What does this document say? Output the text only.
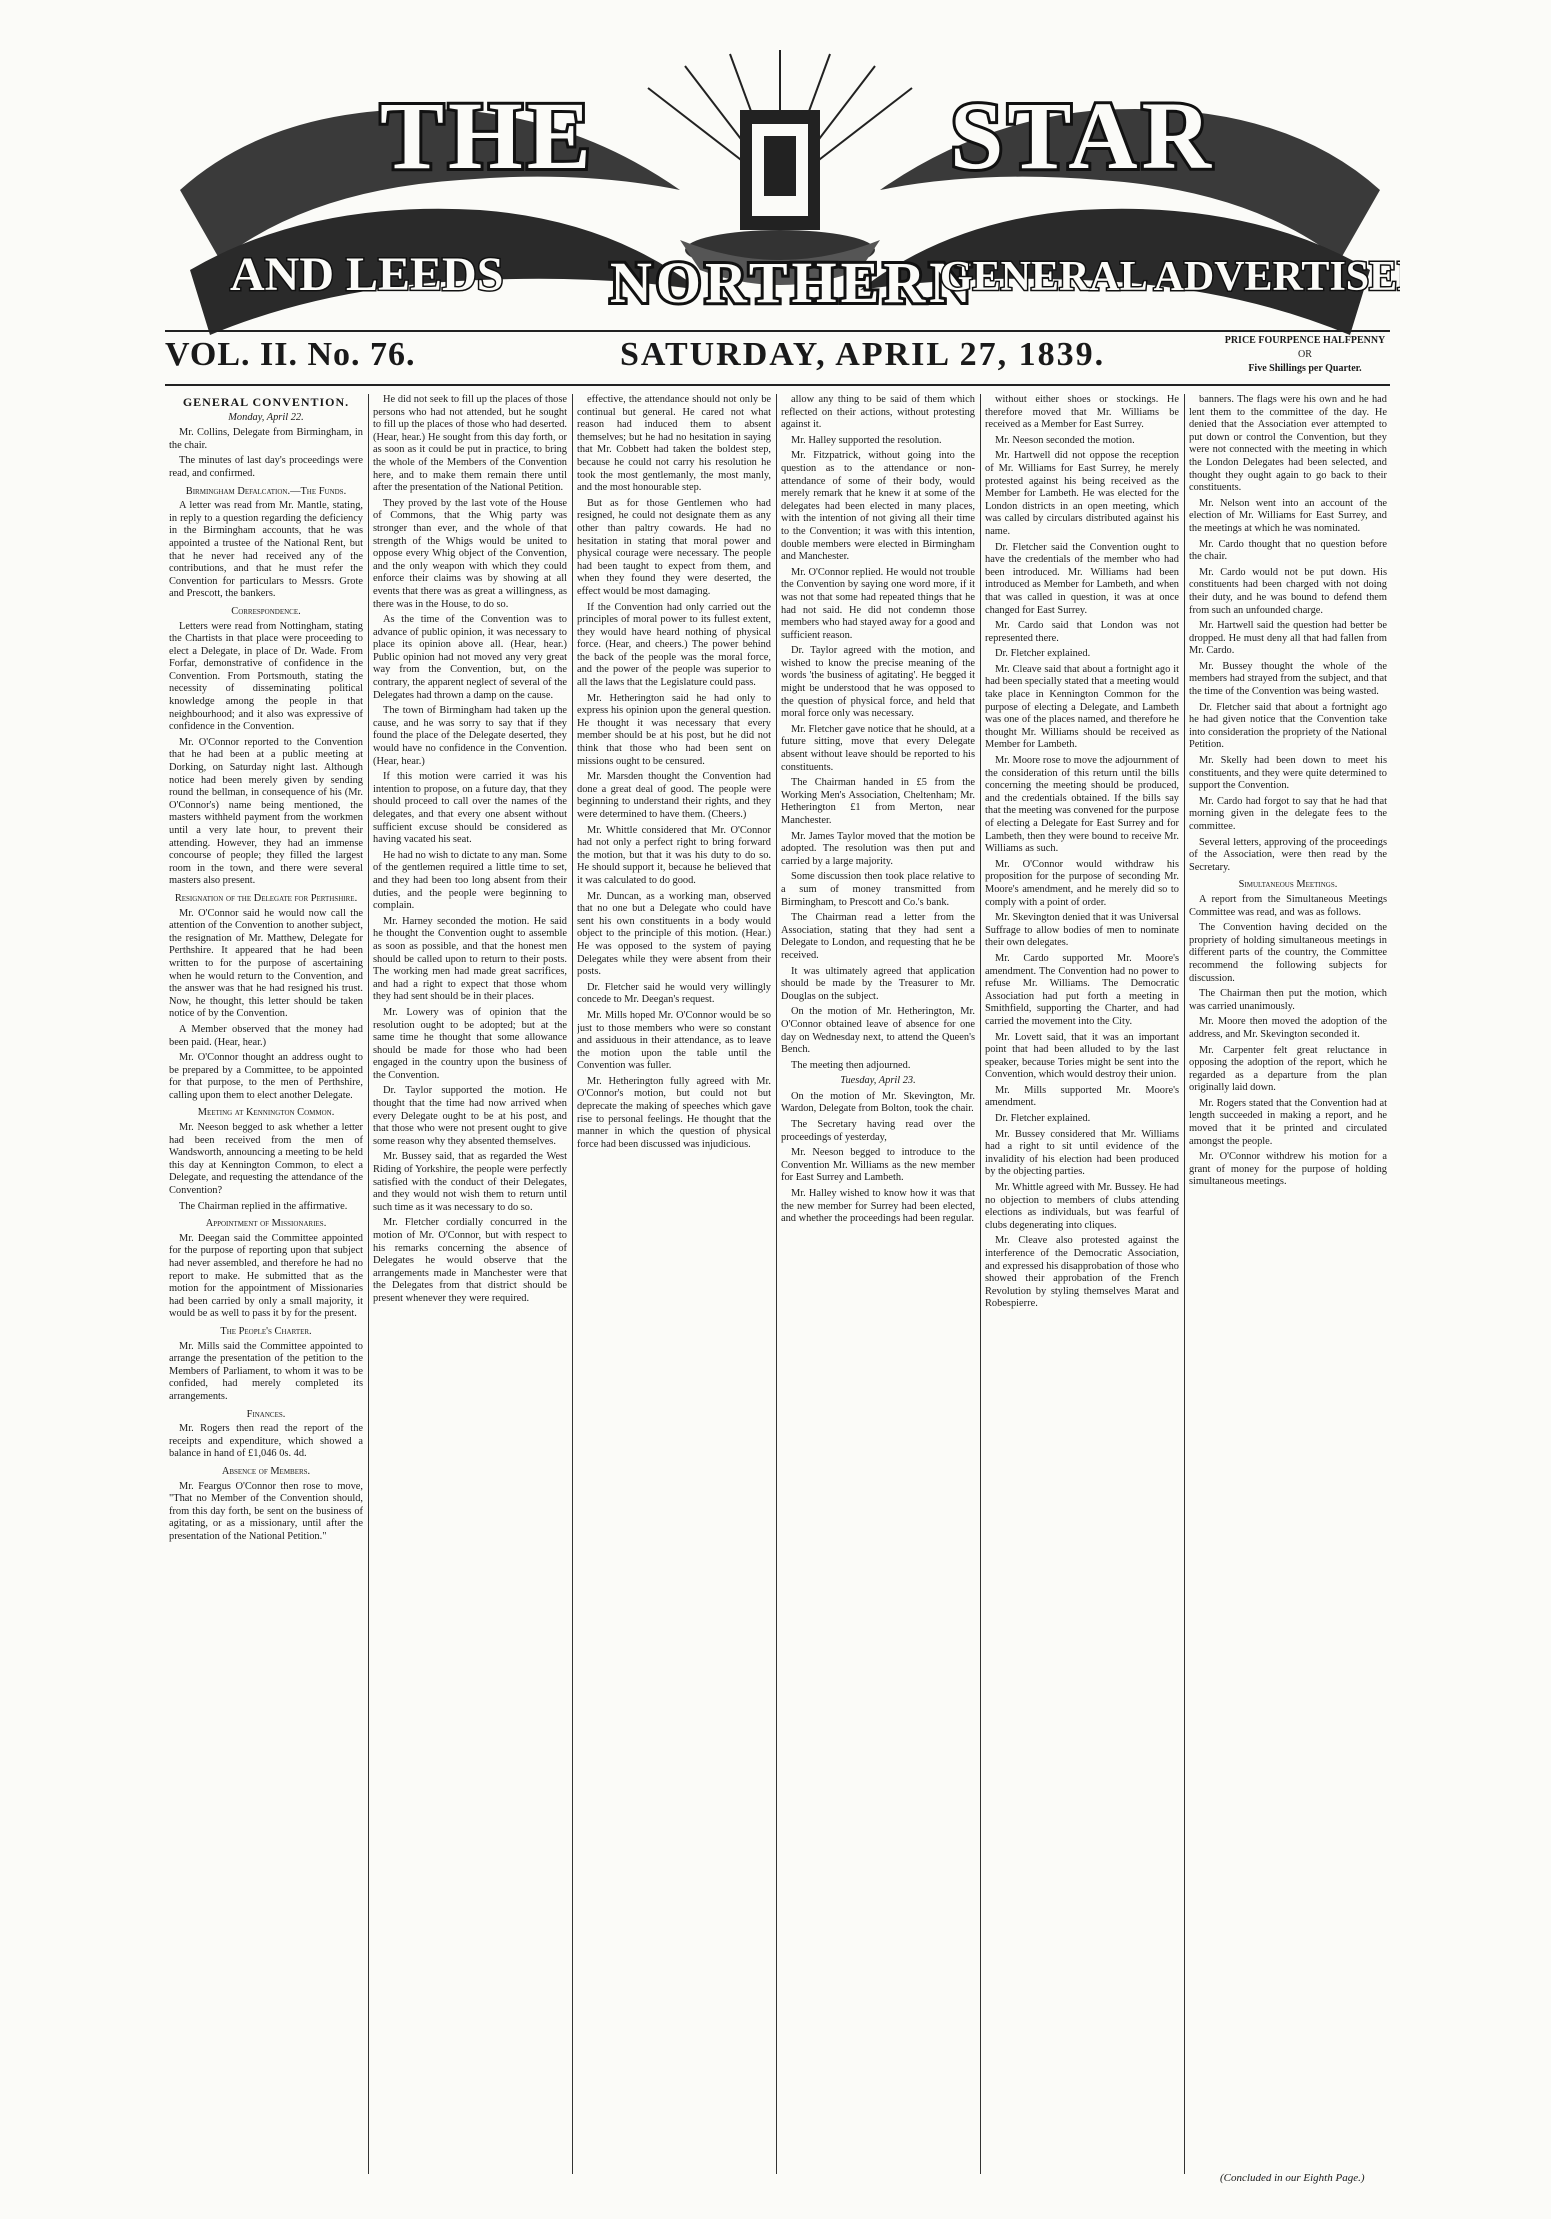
THE	STAR
AND LEEDS NORTHERN
GENERAL ADVERTISER
VOL. II. No. 76.	SATURDAY, APRIL 27, 1839.	PRICE FOURPENCE HALFPENNY
OR
Five Shillings per Quarter.
GENERAL CONVENTION.
Monday, April 22.

Mr. Collins, Delegate from Birmingham, in the chair.

The minutes of last day's proceedings were read, and confirmed.

Birmingham Defalcation.—The Funds.

A letter was read from Mr. Mantle, stating, in reply to a question regarding the deficiency in the Birmingham accounts, that he was appointed a trustee of the National Rent, but that he never had received any of the contributions, and that he must refer the Convention for particulars to Messrs. Grote and Prescott, the bankers.

Correspondence.

Letters were read from Nottingham, stating the Chartists in that place were proceeding to elect a Delegate, in place of Dr. Wade. From Forfar, demonstrative of confidence in the Convention. From Portsmouth, stating the necessity of disseminating political knowledge among the people in that neighbourhood; and it also was expressive of confidence in the Convention.

Mr. O'Connor reported to the Convention that he had been at a public meeting at Dorking, on Saturday night last. Although notice had been merely given by sending round the bellman, in consequence of his (Mr. O'Connor's) name being mentioned, the masters withheld payment from the workmen until a very late hour, to prevent their attending. However, they had an immense concourse of people; they filled the largest room in the town, and there were several masters also present.

Resignation of the Delegate for Perthshire.

Mr. O'Connor said he would now call the attention of the Convention to another subject, the resignation of Mr. Matthew, Delegate for Perthshire. It appeared that he had been written to for the purpose of ascertaining when he would return to the Convention, and the answer was that he had resigned his trust. Now, he thought, this letter should be taken notice of by the Convention.

A Member observed that the money had been paid. (Hear, hear.)

Mr. O'Connor thought an address ought to be prepared by a Committee, to be appointed for that purpose, to the men of Perthshire, calling upon them to elect another Delegate.

Meeting at Kennington Common.

Mr. Neeson begged to ask whether a letter had been received from the men of Wandsworth, announcing a meeting to be held this day at Kennington Common, to elect a Delegate, and requesting the attendance of the Convention?

The Chairman replied in the affirmative.

Appointment of Missionaries.

Mr. Deegan said the Committee appointed for the purpose of reporting upon that subject had never assembled, and therefore he had no report to make. He submitted that as the motion for the appointment of Missionaries had been carried by only a small majority, it would be as well to pass it by for the present.

The People's Charter.

Mr. Mills said the Committee appointed to arrange the presentation of the petition to the Members of Parliament, to whom it was to be confided, had merely completed its arrangements.

Finances.

Mr. Rogers then read the report of the receipts and expenditure, which showed a balance in hand of £1,046 0s. 4d.

Absence of Members.

Mr. Feargus O'Connor then rose to move, "That no Member of the Convention should, from this day forth, be sent on the business of agitating, or as a missionary, until after the presentation of the National Petition."

He did not seek to fill up the places of those persons who had not attended, but he sought to fill up the places of those who had deserted. (Hear, hear.) He sought from this day forth, or as soon as it could be put in practice, to bring the whole of the Members of the Convention here, and to make them remain there until after the presentation of the National Petition.

They proved by the last vote of the House of Commons, that the Whig party was stronger than ever, and the whole of that strength of the Whigs would be united to oppose every Whig object of the Convention, and the only weapon with which they could enforce their claims was by showing at all events that there was as great a willingness, as there was in the House, to do so.

As the time of the Convention was to advance of public opinion, it was necessary to place its opinion above all. (Hear, hear.) Public opinion had not moved any very great way from the Convention, but, on the contrary, the apparent neglect of several of the Delegates had thrown a damp on the cause.

The town of Birmingham had taken up the cause, and he was sorry to say that if they found the place of the Delegate deserted, they would have no confidence in the Convention. (Hear, hear.)

If this motion were carried it was his intention to propose, on a future day, that they should proceed to call over the names of the delegates, and that every one absent without sufficient excuse should be considered as having vacated his seat.

He had no wish to dictate to any man. Some of the gentlemen required a little time to set, and they had been too long absent from their duties, and the people were beginning to complain.

Mr. Harney seconded the motion. He said he thought the Convention ought to assemble as soon as possible, and that the honest men should be called upon to return to their posts. The working men had made great sacrifices, and had a right to expect that those whom they had sent should be in their places.

Mr. Lowery was of opinion that the resolution ought to be adopted; but at the same time he thought that some allowance should be made for those who had been engaged in the country upon the business of the Convention.

Dr. Taylor supported the motion. He thought that the time had now arrived when every Delegate ought to be at his post, and that those who were not present ought to give some reason why they absented themselves.

Mr. Bussey said, that as regarded the West Riding of Yorkshire, the people were perfectly satisfied with the conduct of their Delegates, and they would not wish them to return until such time as it was necessary to do so.

Mr. Fletcher cordially concurred in the motion of Mr. O'Connor, but with respect to his remarks concerning the absence of Delegates he would observe that the arrangements made in Manchester were that the Delegates from that district should be present whenever they were required.

effective, the attendance should not only be continual but general. He cared not what reason had induced them to absent themselves; but he had no hesitation in saying that Mr. Cobbett had taken the boldest step, because he could not carry his resolution he took the most gentlemanly, the most manly, and the most honourable step.

But as for those Gentlemen who had resigned, he could not designate them as any other than paltry cowards. He had no hesitation in stating that moral power and physical courage were necessary. The people had been taught to expect from them, and when they found they were deserted, the effect would be most damaging.

If the Convention had only carried out the principles of moral power to its fullest extent, they would have heard nothing of physical force. (Hear, and cheers.) The power behind the back of the people was the moral force, and the power of the people was superior to all the laws that the Legislature could pass.

Mr. Hetherington said he had only to express his opinion upon the general question. He thought it was necessary that every member should be at his post, but he did not think that those who had been sent on missions ought to be censured.

Mr. Marsden thought the Convention had done a great deal of good. The people were beginning to understand their rights, and they were determined to have them. (Cheers.)

Mr. Whittle considered that Mr. O'Connor had not only a perfect right to bring forward the motion, but that it was his duty to do so. He should support it, because he believed that it was calculated to do good.

Mr. Duncan, as a working man, observed that no one but a Delegate who could have sent his own constituents in a body would object to the principle of this motion. (Hear.) He was opposed to the system of paying Delegates while they were absent from their posts.

Dr. Fletcher said he would very willingly concede to Mr. Deegan's request.

Mr. Mills hoped Mr. O'Connor would be so just to those members who were so constant and assiduous in their attendance, as to leave the motion upon the table until the Convention was fuller.

Mr. Hetherington fully agreed with Mr. O'Connor's motion, but could not but deprecate the making of speeches which gave rise to personal feelings. He thought that the manner in which the question of physical force had been discussed was injudicious.

allow any thing to be said of them which reflected on their actions, without protesting against it.

Mr. Halley supported the resolution.

Mr. Fitzpatrick, without going into the question as to the attendance or non-attendance of some of their body, would merely remark that he knew it at some of the delegates had been elected in many places, with the intention of not giving all their time to the Convention; it was with this intention, double members were elected in Birmingham and Manchester.

Mr. O'Connor replied. He would not trouble the Convention by saying one word more, if it was not that some had repeated things that he had not said. He did not condemn those members who had stayed away for a good and sufficient reason.

Dr. Taylor agreed with the motion, and wished to know the precise meaning of the words 'the business of agitating'. He begged it might be understood that he was opposed to the question of physical force, and held that moral force only was necessary.

Mr. Fletcher gave notice that he should, at a future sitting, move that every Delegate absent without leave should be reported to his constituents.

The Chairman handed in £5 from the Working Men's Association, Cheltenham; Mr. Hetherington £1 from Merton, near Manchester.

Mr. James Taylor moved that the motion be adopted. The resolution was then put and carried by a large majority.

Some discussion then took place relative to a sum of money transmitted from Birmingham, to Prescott and Co.'s bank.

The Chairman read a letter from the Association, stating that they had sent a Delegate to London, and requesting that he be received.

It was ultimately agreed that application should be made by the Treasurer to Mr. Douglas on the subject.

On the motion of Mr. Hetherington, Mr. O'Connor obtained leave of absence for one day on Wednesday next, to attend the Queen's Bench.

The meeting then adjourned.

Tuesday, April 23.

On the motion of Mr. Skevington, Mr. Wardon, Delegate from Bolton, took the chair.

The Secretary having read over the proceedings of yesterday,

Mr. Neeson begged to introduce to the Convention Mr. Williams as the new member for East Surrey and Lambeth.

Mr. Halley wished to know how it was that the new member for Surrey had been elected, and whether the proceedings had been regular.

without either shoes or stockings. He therefore moved that Mr. Williams be received as a Member for East Surrey.

Mr. Neeson seconded the motion.

Mr. Hartwell did not oppose the reception of Mr. Williams for East Surrey, he merely protested against his being received as the Member for Lambeth. He was elected for the London districts in an open meeting, which was called by circulars distributed against his name.

Dr. Fletcher said the Convention ought to have the credentials of the member who had been introduced. Mr. Williams had been introduced as Member for Lambeth, and when that was called in question, it was at once changed for East Surrey.

Mr. Cardo said that London was not represented there.

Dr. Fletcher explained.

Mr. Cleave said that about a fortnight ago it had been specially stated that a meeting would take place in Kennington Common for the purpose of electing a Delegate, and Lambeth was one of the places named, and therefore he thought Mr. Williams should be received as Member for Lambeth.

Mr. Moore rose to move the adjournment of the consideration of this return until the bills concerning the meeting should be produced, and the credentials obtained. If the bills say that the meeting was convened for the purpose of electing a Delegate for East Surrey and for Lambeth, then they were bound to receive Mr. Williams as such.

Mr. O'Connor would withdraw his proposition for the purpose of seconding Mr. Moore's amendment, and he merely did so to comply with a point of order.

Mr. Skevington denied that it was Universal Suffrage to allow bodies of men to nominate their own delegates.

Mr. Cardo supported Mr. Moore's amendment. The Convention had no power to refuse Mr. Williams. The Democratic Association had put forth a meeting in Smithfield, supporting the Charter, and had carried the movement into the City.

Mr. Lovett said, that it was an important point that had been alluded to by the last speaker, because Tories might be sent into the Convention, which would destroy their union.

Mr. Mills supported Mr. Moore's amendment.

Dr. Fletcher explained.

Mr. Bussey considered that Mr. Williams had a right to sit until evidence of the invalidity of his election had been produced by the objecting parties.

Mr. Whittle agreed with Mr. Bussey. He had no objection to members of clubs attending elections as individuals, but was fearful of clubs degenerating into cliques.

Mr. Cleave also protested against the interference of the Democratic Association, and expressed his disapprobation of those who showed their approbation of the French Revolution by styling themselves Marat and Robespierre.

banners. The flags were his own and he had lent them to the committee of the day. He denied that the Association ever attempted to put down or control the Convention, but they were not connected with the meeting in which the London Delegates had been selected, and thought they ought again to go back to their constituents.

Mr. Nelson went into an account of the election of Mr. Williams for East Surrey, and the meetings at which he was nominated.

Mr. Cardo thought that no question before the chair.

Mr. Cardo would not be put down. His constituents had been charged with not doing their duty, and he was bound to defend them from such an unfounded charge.

Mr. Hartwell said the question had better be dropped. He must deny all that had fallen from Mr. Cardo.

Mr. Bussey thought the whole of the members had strayed from the subject, and that the time of the Convention was being wasted.

Dr. Fletcher said that about a fortnight ago he had given notice that the Convention take into consideration the propriety of the National Petition.

Mr. Skelly had been down to meet his constituents, and they were quite determined to support the Convention.

Mr. Cardo had forgot to say that he had that morning given in the delegate fees to the committee.

Several letters, approving of the proceedings of the Association, were then read by the Secretary.

Simultaneous Meetings.

A report from the Simultaneous Meetings Committee was read, and was as follows.

The Convention having decided on the propriety of holding simultaneous meetings in different parts of the country, the Committee recommend the following subjects for discussion.

The Chairman then put the motion, which was carried unanimously.

Mr. Moore then moved the adoption of the address, and Mr. Skevington seconded it.

Mr. Carpenter felt great reluctance in opposing the adoption of the report, which he regarded as a departure from the plan originally laid down.

Mr. Rogers stated that the Convention had at length succeeded in making a report, and he moved that it be printed and circulated amongst the people.

Mr. O'Connor withdrew his motion for a grant of money for the purpose of holding simultaneous meetings.

(Concluded in our Eighth Page.)
